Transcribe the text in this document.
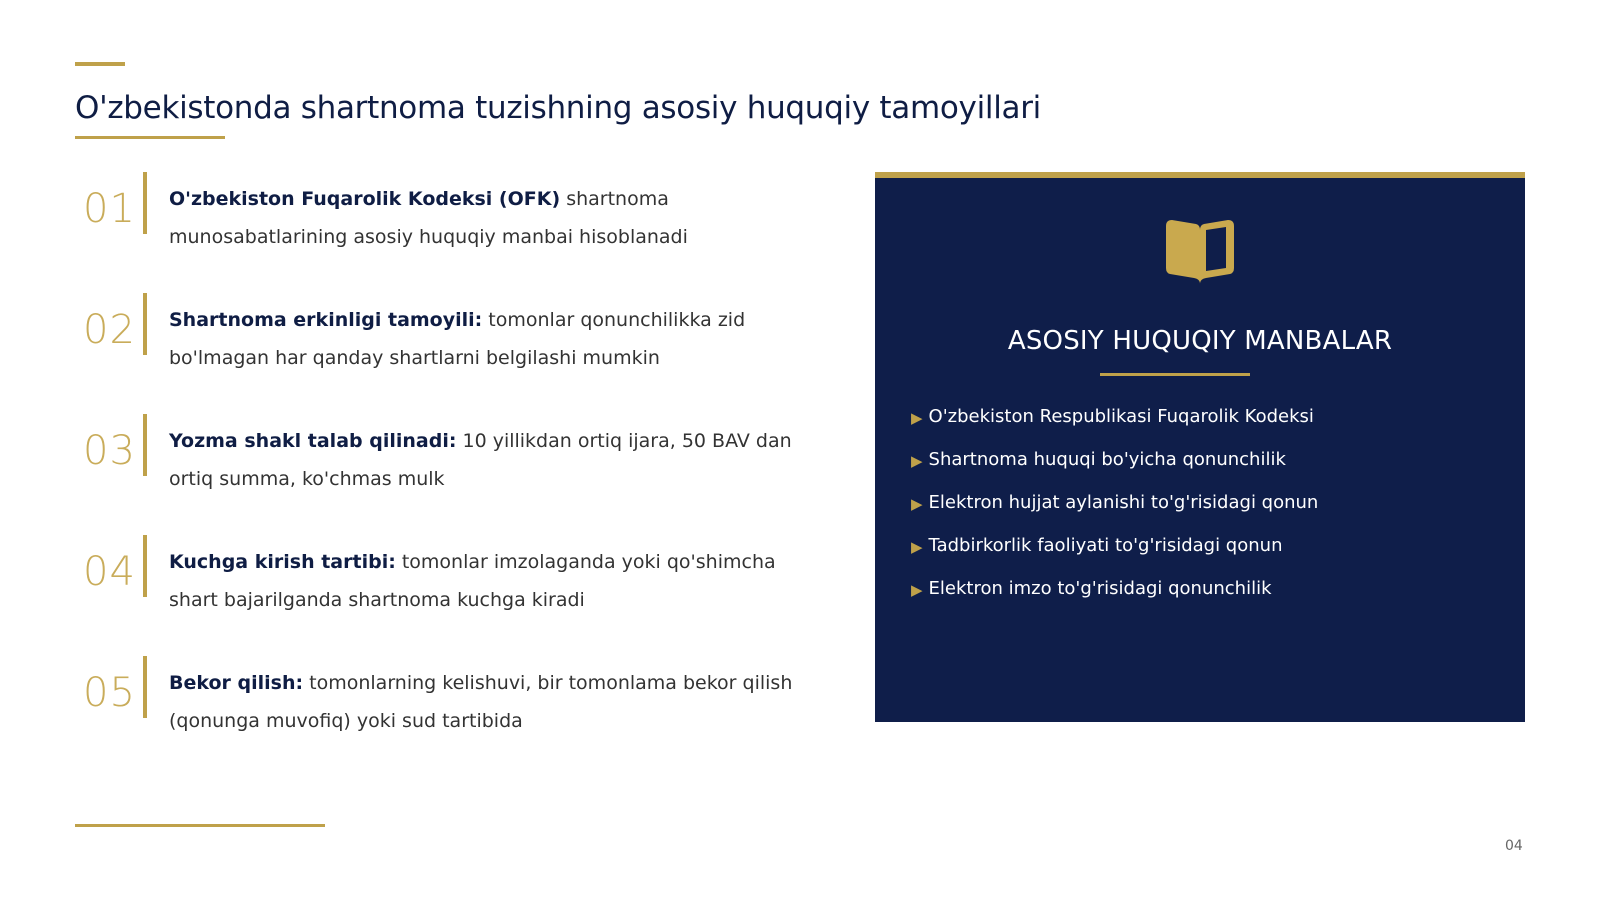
O'zbekistonda shartnoma tuzishning asosiy huquqiy tamoyillari
01 O'zbekiston Fuqarolik Kodeksi (OFK) shartnoma munosabatlarining asosiy huquqiy manbai hisoblanadi
02 Shartnoma erkinligi tamoyili: tomonlar qonunchilikka zid bo'lmagan har qanday shartlarni belgilashi mumkin
03 Yozma shakl talab qilinadi: 10 yillikdan ortiq ijara, 50 BAV dan ortiq summa, ko'chmas mulk
04 Kuchga kirish tartibi: tomonlar imzolaganda yoki qo'shimcha shart bajarilganda shartnoma kuchga kiradi
05 Bekor qilish: tomonlarning kelishuvi, bir tomonlama bekor qilish (qonunga muvofiq) yoki sud tartibida
ASOSIY HUQUQIY MANBALAR
▶ O'zbekiston Respublikasi Fuqarolik Kodeksi
▶ Shartnoma huquqi bo'yicha qonunchilik
▶ Elektron hujjat aylanishi to'g'risidagi qonun
▶ Tadbirkorlik faoliyati to'g'risidagi qonun
▶ Elektron imzo to'g'risidagi qonunchilik
04
